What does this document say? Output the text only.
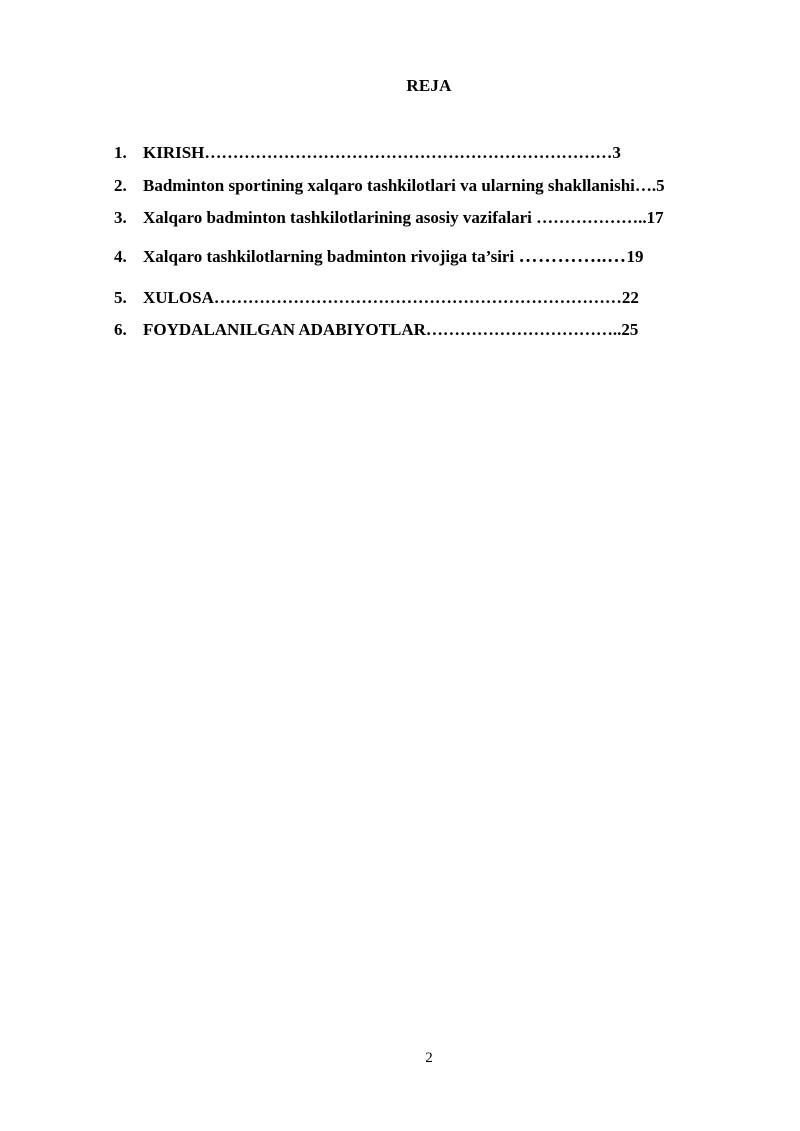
REJA
1. KIRISH………………………………………………………………3
2. Badminton sportining xalqaro tashkilotlari va ularning shakllanishi….5
3. Xalqaro badminton tashkilotlarining asosiy vazifalari ………………..17
4. Xalqaro tashkilotlarning badminton rivojiga ta’siri …………..…19
5. XULOSA………………………………………………………………22
6. FOYDALANILGAN ADABIYOTLAR……………………………..25
2
